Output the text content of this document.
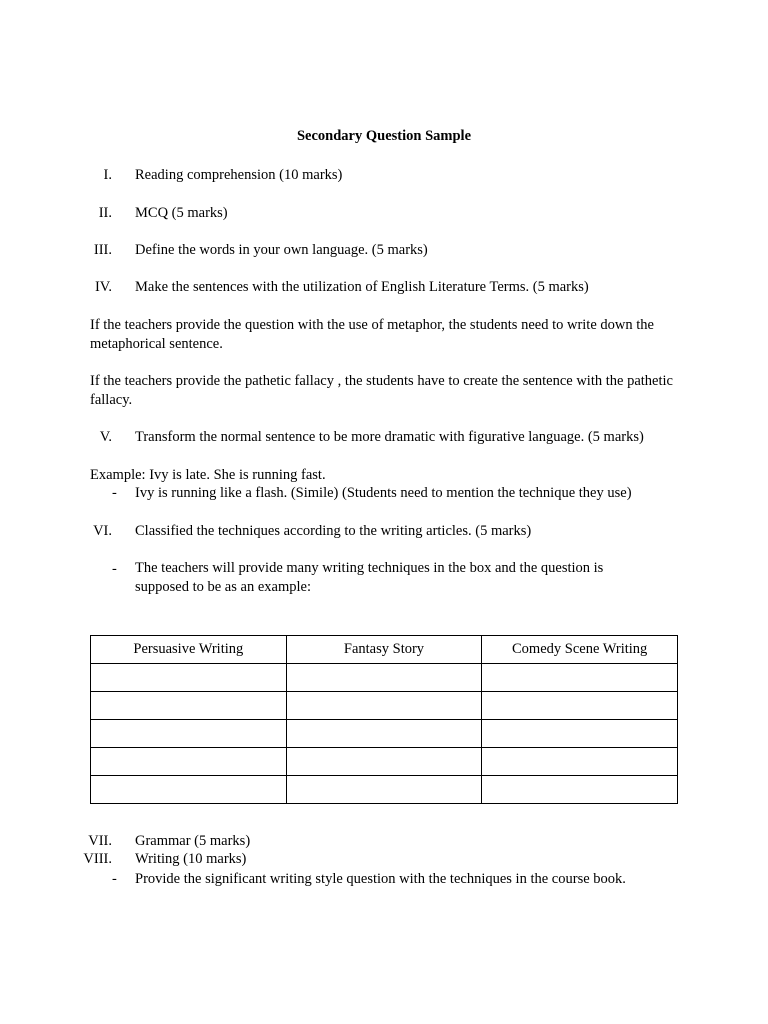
Secondary Question Sample
I. Reading comprehension (10 marks)
II. MCQ (5 marks)
III. Define the words in your own language. (5 marks)
IV. Make the sentences with the utilization of English Literature Terms. (5 marks)
If the teachers provide the question with the use of metaphor, the students need to write down the metaphorical sentence.
If the teachers provide the pathetic fallacy , the students have to create the sentence with the pathetic fallacy.
V. Transform the normal sentence to be more dramatic with figurative language. (5 marks)
Example: Ivy is late. She is running fast.
- Ivy is running like a flash. (Simile) (Students need to mention the technique they use)
VI. Classified the techniques according to the writing articles. (5 marks)
- The teachers will provide many writing techniques in the box and the question is supposed to be as an example:
Persuasive Writing	Fantasy Story	Comedy Scene Writing

VII. Grammar (5 marks)
VIII. Writing (10 marks)
- Provide the significant writing style question with the techniques in the course book.
